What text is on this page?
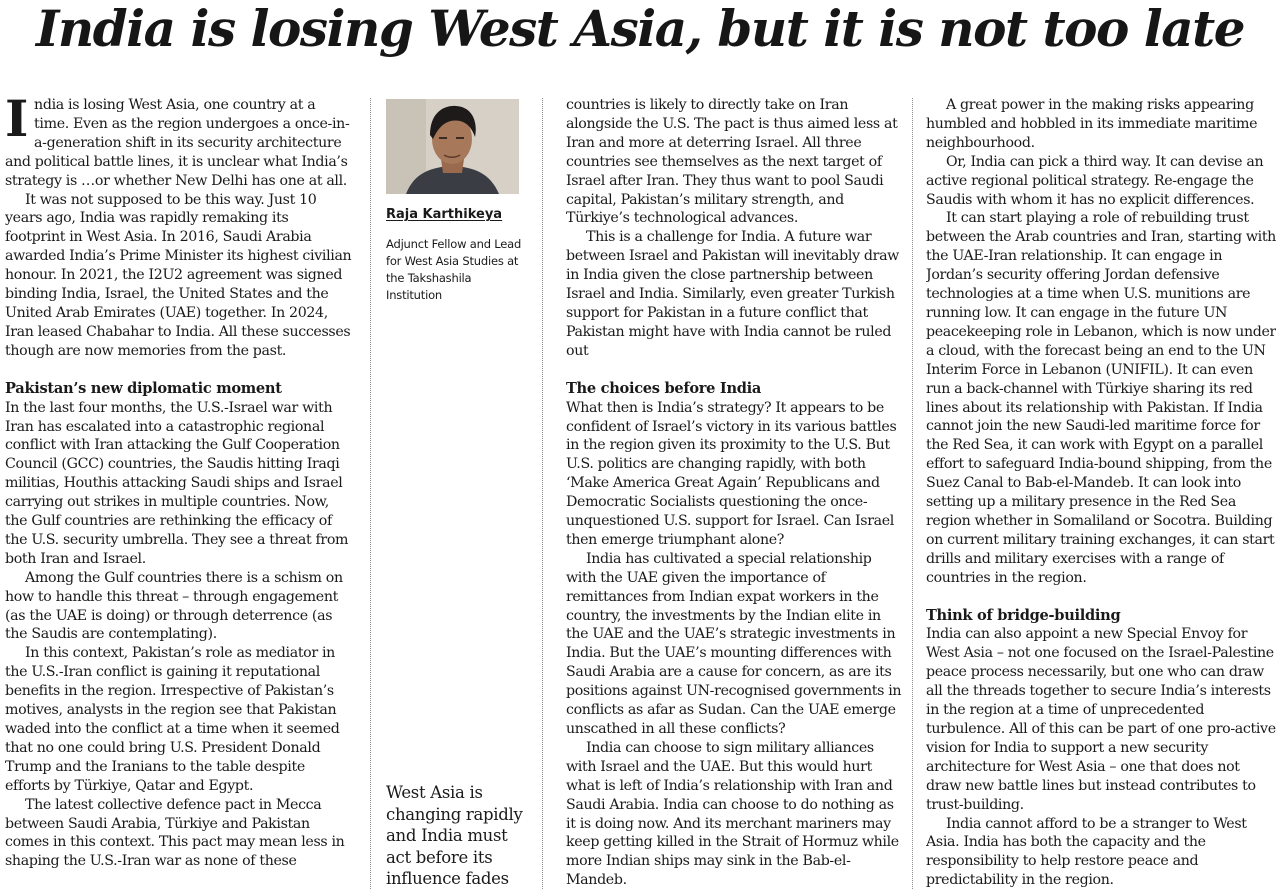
India is losing West Asia, but it is not too late

India is losing West Asia, one country at a time. Even as the region undergoes a once-in-a-generation shift in its security architecture and political battle lines, it is unclear what India’s strategy is …or whether New Delhi has one at all.

It was not supposed to be this way. Just 10 years ago, India was rapidly remaking its footprint in West Asia. In 2016, Saudi Arabia awarded India’s Prime Minister its highest civilian honour. In 2021, the I2U2 agreement was signed binding India, Israel, the United States and the United Arab Emirates (UAE) together. In 2024, Iran leased Chabahar to India. All these successes though are now memories from the past.

Pakistan’s new diplomatic moment

In the last four months, the U.S.-Israel war with Iran has escalated into a catastrophic regional conflict with Iran attacking the Gulf Cooperation Council (GCC) countries, the Saudis hitting Iraqi militias, Houthis attacking Saudi ships and Israel carrying out strikes in multiple countries. Now, the Gulf countries are rethinking the efficacy of the U.S. security umbrella. They see a threat from both Iran and Israel.

Among the Gulf countries there is a schism on how to handle this threat – through engagement (as the UAE is doing) or through deterrence (as the Saudis are contemplating).

In this context, Pakistan’s role as mediator in the U.S.-Iran conflict is gaining it reputational benefits in the region. Irrespective of Pakistan’s motives, analysts in the region see that Pakistan waded into the conflict at a time when it seemed that no one could bring U.S. President Donald Trump and the Iranians to the table despite efforts by Türkiye, Qatar and Egypt.

The latest collective defence pact in Mecca between Saudi Arabia, Türkiye and Pakistan comes in this context. This pact may mean less in shaping the U.S.-Iran war as none of these

Raja Karthikeya
Adjunct Fellow and Lead for West Asia Studies at the Takshashila Institution
West Asia is changing rapidly and India must act before its influence fades

countries is likely to directly take on Iran alongside the U.S. The pact is thus aimed less at Iran and more at deterring Israel. All three countries see themselves as the next target of Israel after Iran. They thus want to pool Saudi capital, Pakistan’s military strength, and Türkiye’s technological advances.

This is a challenge for India. A future war between Israel and Pakistan will inevitably draw in India given the close partnership between Israel and India. Similarly, even greater Turkish support for Pakistan in a future conflict that Pakistan might have with India cannot be ruled out

The choices before India

What then is India’s strategy? It appears to be confident of Israel’s victory in its various battles in the region given its proximity to the U.S. But U.S. politics are changing rapidly, with both ‘Make America Great Again’ Republicans and Democratic Socialists questioning the once-unquestioned U.S. support for Israel. Can Israel then emerge triumphant alone?

India has cultivated a special relationship with the UAE given the importance of remittances from Indian expat workers in the country, the investments by the Indian elite in the UAE and the UAE’s strategic investments in India. But the UAE’s mounting differences with Saudi Arabia are a cause for concern, as are its positions against UN-recognised governments in conflicts as afar as Sudan. Can the UAE emerge unscathed in all these conflicts?

India can choose to sign military alliances with Israel and the UAE. But this would hurt what is left of India’s relationship with Iran and Saudi Arabia. India can choose to do nothing as it is doing now. And its merchant mariners may keep getting killed in the Strait of Hormuz while more Indian ships may sink in the Bab-el-Mandeb.

A great power in the making risks appearing humbled and hobbled in its immediate maritime neighbourhood.

Or, India can pick a third way. It can devise an active regional political strategy. Re-engage the Saudis with whom it has no explicit differences.

It can start playing a role of rebuilding trust between the Arab countries and Iran, starting with the UAE-Iran relationship. It can engage in Jordan’s security offering Jordan defensive technologies at a time when U.S. munitions are running low. It can engage in the future UN peacekeeping role in Lebanon, which is now under a cloud, with the forecast being an end to the UN Interim Force in Lebanon (UNIFIL). It can even run a back-channel with Türkiye sharing its red lines about its relationship with Pakistan. If India cannot join the new Saudi-led maritime force for the Red Sea, it can work with Egypt on a parallel effort to safeguard India-bound shipping, from the Suez Canal to Bab-el-Mandeb. It can look into setting up a military presence in the Red Sea region whether in Somaliland or Socotra. Building on current military training exchanges, it can start drills and military exercises with a range of countries in the region.

Think of bridge-building

India can also appoint a new Special Envoy for West Asia – not one focused on the Israel-Palestine peace process necessarily, but one who can draw all the threads together to secure India’s interests in the region at a time of unprecedented turbulence. All of this can be part of one pro-active vision for India to support a new security architecture for West Asia – one that does not draw new battle lines but instead contributes to trust-building.

India cannot afford to be a stranger to West Asia. India has both the capacity and the responsibility to help restore peace and predictability in the region.
